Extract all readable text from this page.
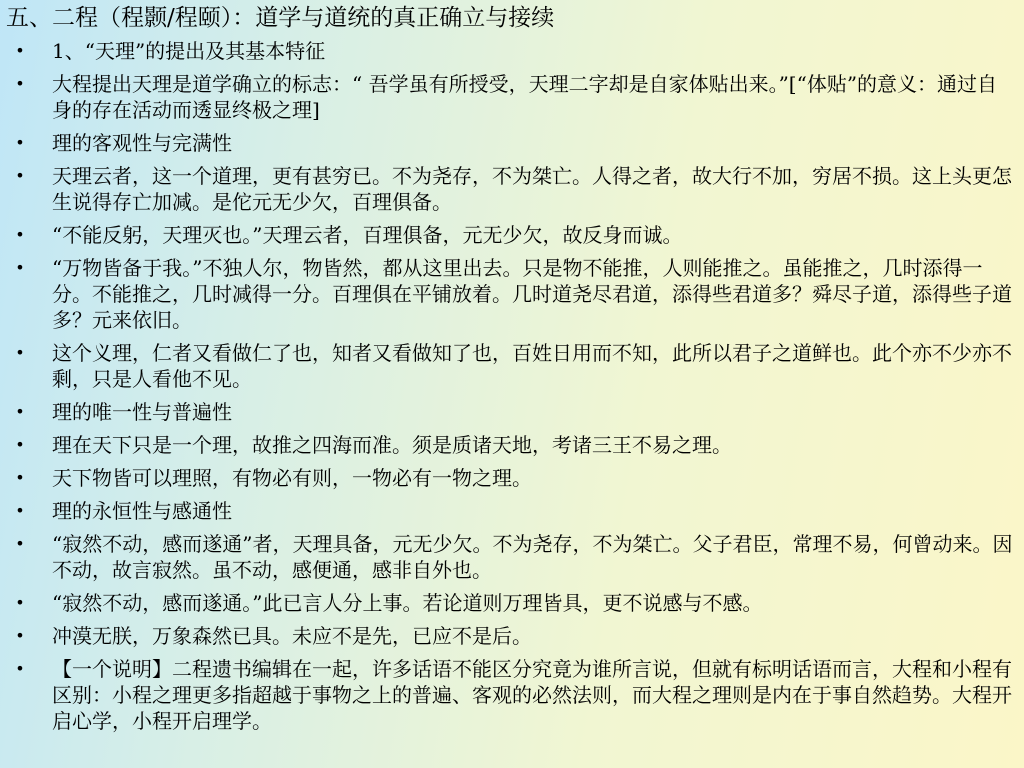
五、二程（程颢/程颐）：道学与道统的真正确立与接续
• 1、“天理”的提出及其基本特征
• 大程提出天理是道学确立的标志：“ 吾学虽有所授受，天理二字却是自家体贴出来。”[“体贴”的意义：通过自身的存在活动而透显终极之理]
• 理的客观性与完满性
• 天理云者，这一个道理，更有甚穷已。不为尧存，不为桀亡。人得之者，故大行不加，穷居不损。这上头更怎生说得存亡加减。是佗元无少欠，百理俱备。
• “不能反躬，天理灭也。”天理云者，百理俱备，元无少欠，故反身而诚。
• “万物皆备于我。”不独人尔，物皆然，都从这里出去。只是物不能推，人则能推之。虽能推之，几时添得一分。不能推之，几时减得一分。百理俱在平铺放着。几时道尧尽君道，添得些君道多？舜尽子道，添得些子道多？元来依旧。
• 这个义理，仁者又看做仁了也，知者又看做知了也，百姓日用而不知，此所以君子之道鲜也。此个亦不少亦不 剩，只是人看他不见。
• 理的唯一性与普遍性
• 理在天下只是一个理，故推之四海而准。须是质诸天地，考诸三王不易之理。
• 天下物皆可以理照，有物必有则，一物必有一物之理。
• 理的永恒性与感通性
• “寂然不动，感而遂通”者，天理具备，元无少欠。不为尧存，不为桀亡。父子君臣，常理不易，何曾动来。因不动，故言寂然。虽不动，感便通，感非自外也。
• “寂然不动，感而遂通。”此已言人分上事。若论道则万理皆具，更不说感与不感。
• 冲漠无朕，万象森然已具。未应不是先，已应不是后。
• 【一个说明】二程遗书编辑在一起，许多话语不能区分究竟为谁所言说，但就有标明话语而言，大程和小程有区别：小程之理更多指超越于事物之上的普遍、客观的必然法则，而大程之理则是内在于事自然趋势。大程开启心学，小程开启理学。
